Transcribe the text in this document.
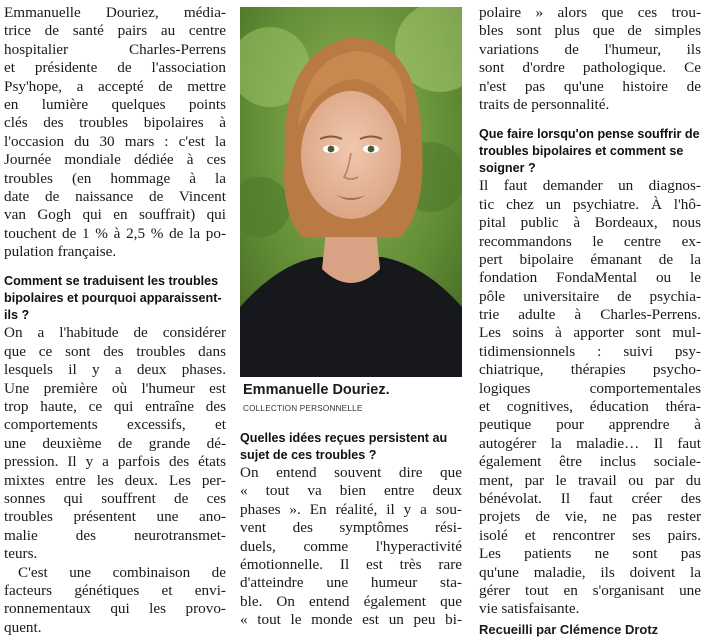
Emmanuelle Douriez, média-
trice de santé pairs au centre
hospitalier Charles-Perrens
et présidente de l'association
Psy'hope, a accepté de mettre
en lumière quelques points
clés des troubles bipolaires à
l'occasion du 30 mars : c'est la
Journée mondiale dédiée à ces
troubles (en hommage à la
date de naissance de Vincent
van Gogh qui en souffrait) qui
touchent de 1 % à 2,5 % de la po-
pulation française.
Comment se traduisent les troubles
bipolaires et pourquoi apparaissent-
ils ?
On a l'habitude de considérer
que ce sont des troubles dans
lesquels il y a deux phases.
Une première où l'humeur est
trop haute, ce qui entraîne des
comportements excessifs, et
une deuxième de grande dé-
pression. Il y a parfois des états
mixtes entre les deux. Les per-
sonnes qui souffrent de ces
troubles présentent une ano-
malie des neurotransmet-
teurs.
C'est une combinaison de
facteurs génétiques et envi-
ronnementaux qui les provo-
quent.
Emmanuelle Douriez.
COLLECTION PERSONNELLE
Quelles idées reçues persistent au
sujet de ces troubles ?
On entend souvent dire que
« tout va bien entre deux
phases ». En réalité, il y a sou-
vent des symptômes rési-
duels, comme l'hyperactivité
émotionnelle. Il est très rare
d'atteindre une humeur sta-
ble. On entend également que
« tout le monde est un peu bi-
polaire » alors que ces trou-
bles sont plus que de simples
variations de l'humeur, ils
sont d'ordre pathologique. Ce
n'est pas qu'une histoire de
traits de personnalité.
Que faire lorsqu'on pense souffrir de
troubles bipolaires et comment se
soigner ?
Il faut demander un diagnos-
tic chez un psychiatre. À l'hô-
pital public à Bordeaux, nous
recommandons le centre ex-
pert bipolaire émanant de la
fondation FondaMental ou le
pôle universitaire de psychia-
trie adulte à Charles-Perrens.
Les soins à apporter sont mul-
tidimensionnels : suivi psy-
chiatrique, thérapies psycho-
logiques comportementales
et cognitives, éducation théra-
peutique pour apprendre à
autogérer la maladie… Il faut
également être inclus sociale-
ment, par le travail ou par du
bénévolat. Il faut créer des
projets de vie, ne pas rester
isolé et rencontrer ses pairs.
Les patients ne sont pas
qu'une maladie, ils doivent la
gérer tout en s'organisant une
vie satisfaisante.
Recueilli par Clémence Drotz
